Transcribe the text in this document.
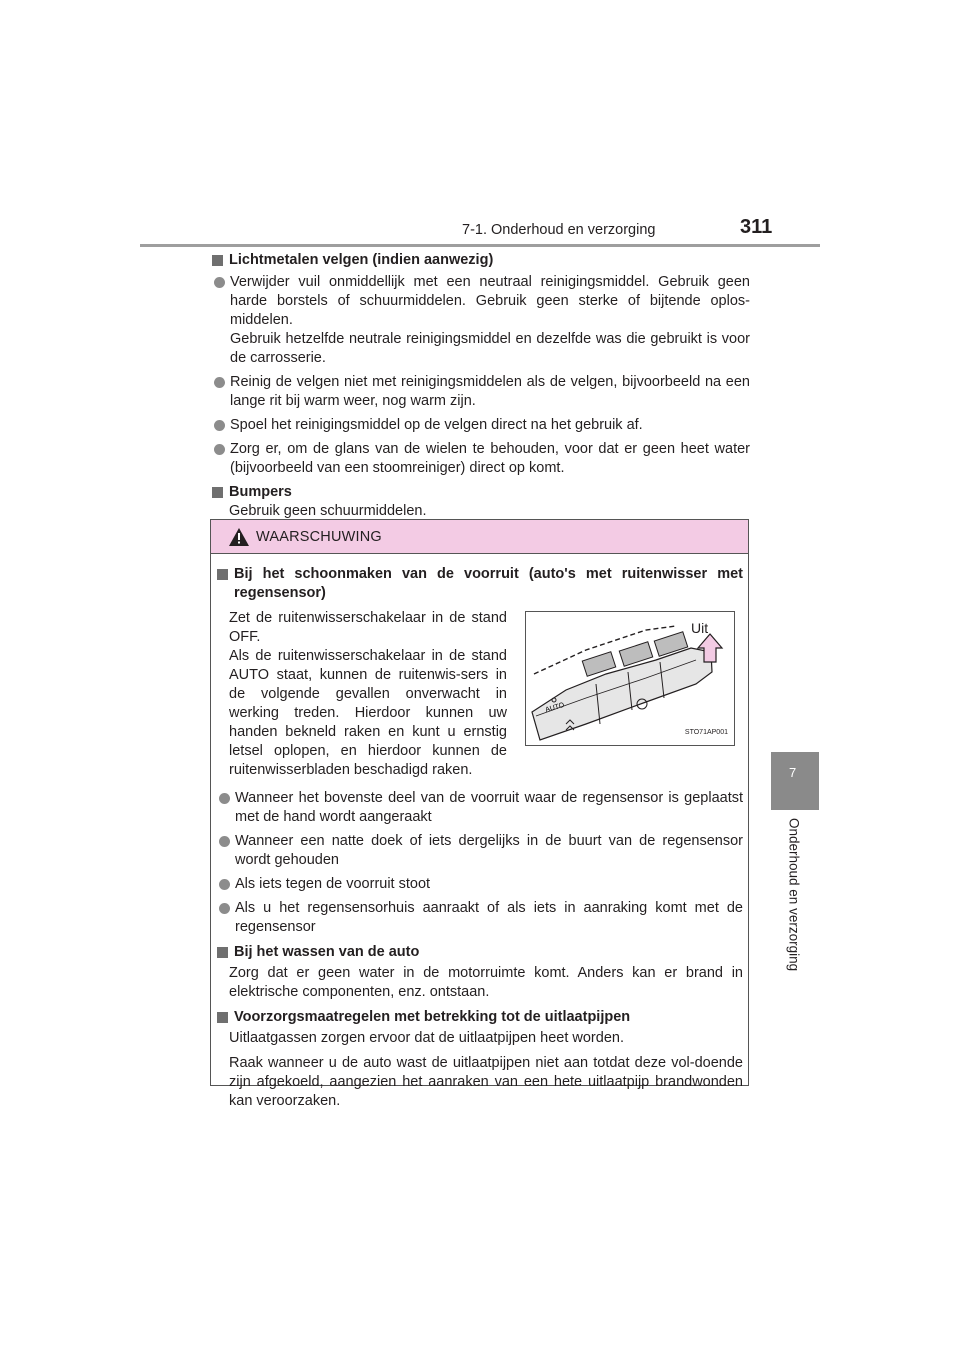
7-1. Onderhoud en verzorging	311
7
Onderhoud en verzorging
Lichtmetalen velgen (indien aanwezig)
Verwijder vuil onmiddellijk met een neutraal reinigingsmiddel. Gebruik geen harde borstels of schuurmiddelen. Gebruik geen sterke of bijtende oplos-middelen.
Gebruik hetzelfde neutrale reinigingsmiddel en dezelfde was die gebruikt is voor de carrosserie.
Reinig de velgen niet met reinigingsmiddelen als de velgen, bijvoorbeeld na een lange rit bij warm weer, nog warm zijn.
Spoel het reinigingsmiddel op de velgen direct na het gebruik af.
Zorg er, om de glans van de wielen te behouden, voor dat er geen heet water (bijvoorbeeld van een stoomreiniger) direct op komt.
Bumpers
Gebruik geen schuurmiddelen.
WAARSCHUWING
Bij het schoonmaken van de voorruit (auto's met ruitenwisser met regensensor)
Zet de ruitenwisserschakelaar in de stand OFF.
Als de ruitenwisserschakelaar in de stand AUTO staat, kunnen de ruitenwis-sers in de volgende gevallen onverwacht in werking treden. Hierdoor kunnen uw handen bekneld raken en kunt u ernstig letsel oplopen, en hierdoor kunnen de ruitenwisserbladen beschadigd raken.
AUTO
Uit
STO71AP001
Wanneer het bovenste deel van de voorruit waar de regensensor is geplaatst met de hand wordt aangeraakt
Wanneer een natte doek of iets dergelijks in de buurt van de regensensor wordt gehouden
Als iets tegen de voorruit stoot
Als u het regensensorhuis aanraakt of als iets in aanraking komt met de regensensor
Bij het wassen van de auto
Zorg dat er geen water in de motorruimte komt. Anders kan er brand in elektrische componenten, enz. ontstaan.
Voorzorgsmaatregelen met betrekking tot de uitlaatpijpen
Uitlaatgassen zorgen ervoor dat de uitlaatpijpen heet worden.
Raak wanneer u de auto wast de uitlaatpijpen niet aan totdat deze vol-doende zijn afgekoeld, aangezien het aanraken van een hete uitlaatpijp brandwonden kan veroorzaken.
